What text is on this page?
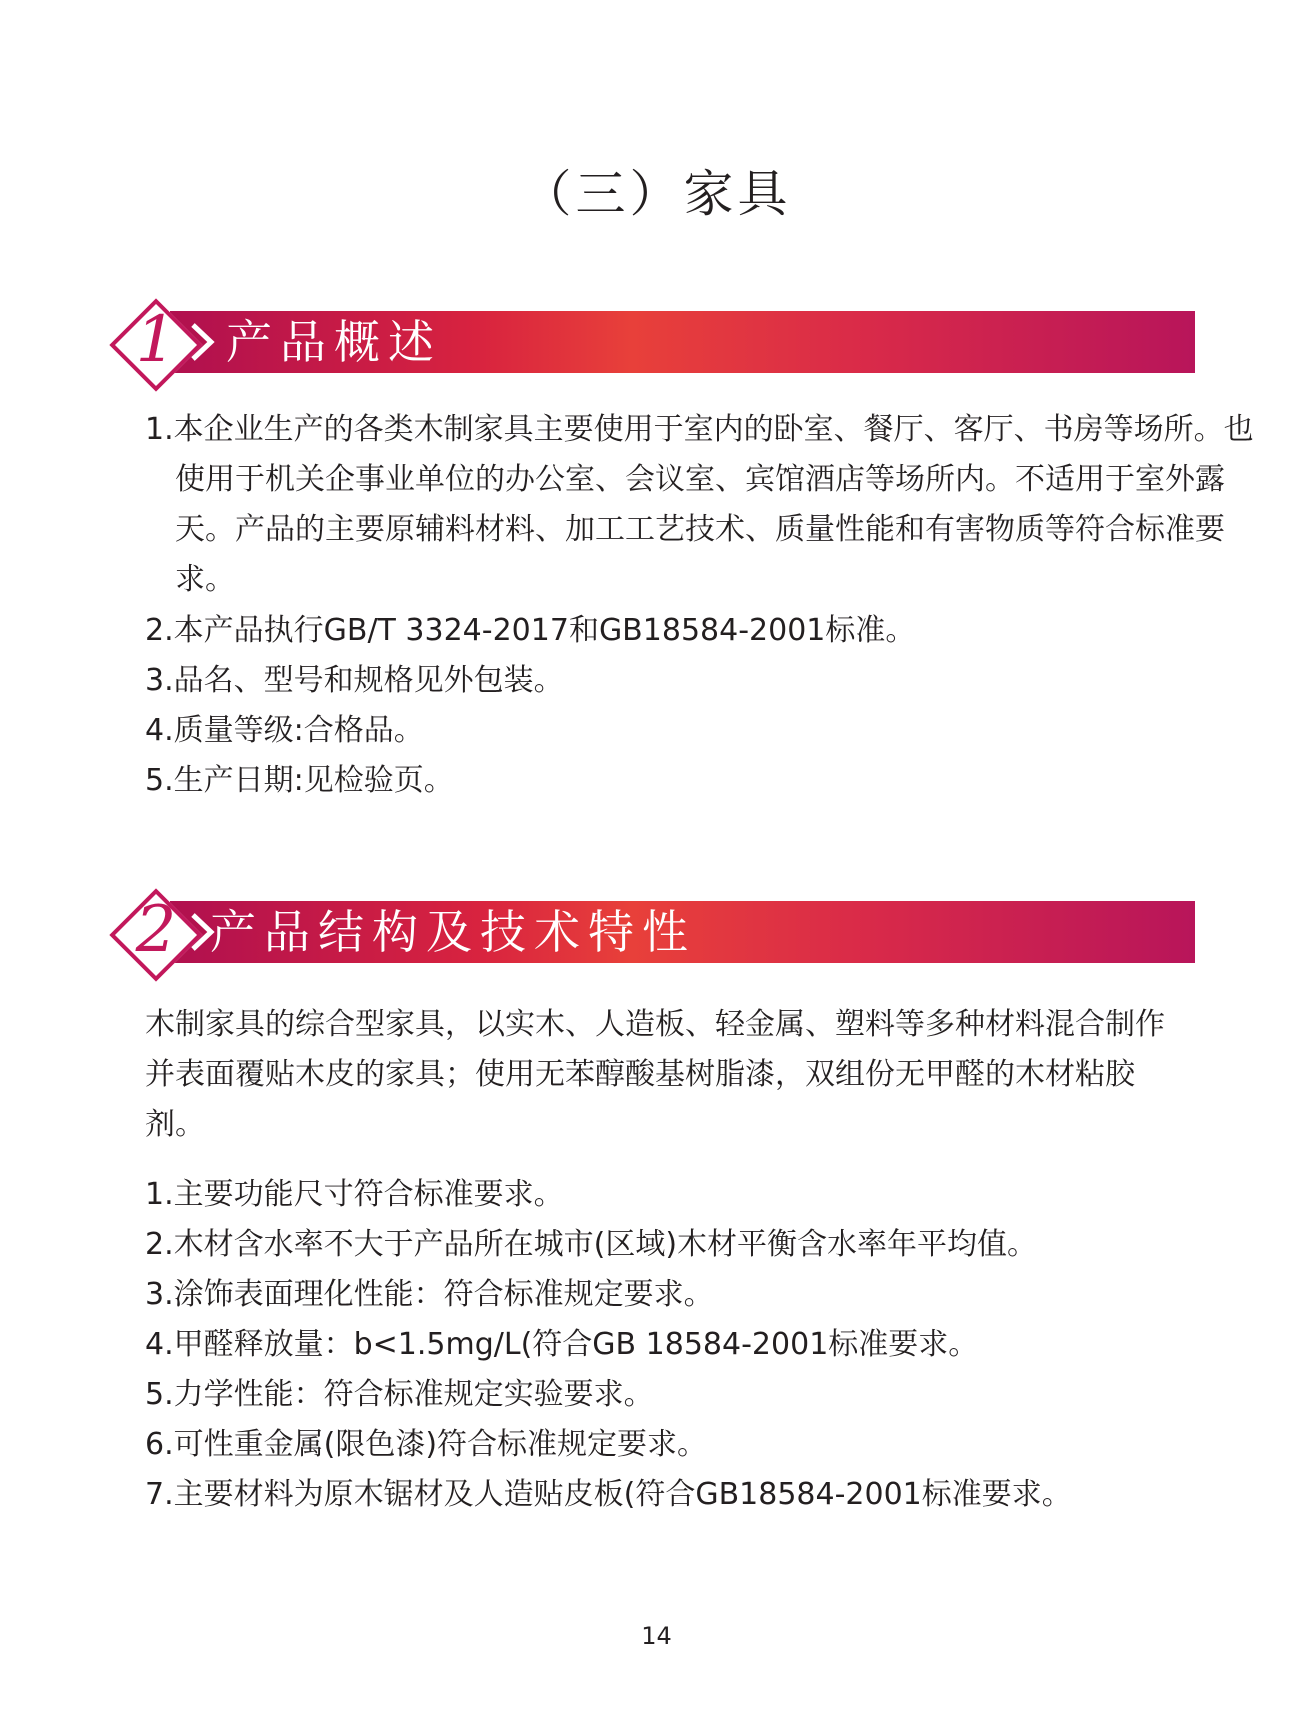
（三）家具
1 产品概述
1.本企业生产的各类木制家具主要使用于室内的卧室、餐厅、客厅、书房等场所。也使用于机关企事业单位的办公室、会议室、宾馆酒店等场所内。不适用于室外露天。产品的主要原辅料材料、加工工艺技术、质量性能和有害物质等符合标准要求。
2.本产品执行GB/T 3324-2017和GB18584-2001标准。
3.品名、型号和规格见外包装。
4.质量等级:合格品。
5.生产日期:见检验页。
2 产品结构及技术特性
木制家具的综合型家具，以实木、人造板、轻金属、塑料等多种材料混合制作并表面覆贴木皮的家具；使用无苯醇酸基树脂漆，双组份无甲醛的木材粘胶剂。
1.主要功能尺寸符合标准要求。
2.木材含水率不大于产品所在城市(区域)木材平衡含水率年平均值。
3.涂饰表面理化性能：符合标准规定要求。
4.甲醛释放量：b<1.5mg/L(符合GB 18584-2001标准要求。
5.力学性能：符合标准规定实验要求。
6.可性重金属(限色漆)符合标准规定要求。
7.主要材料为原木锯材及人造贴皮板(符合GB18584-2001标准要求。
14
